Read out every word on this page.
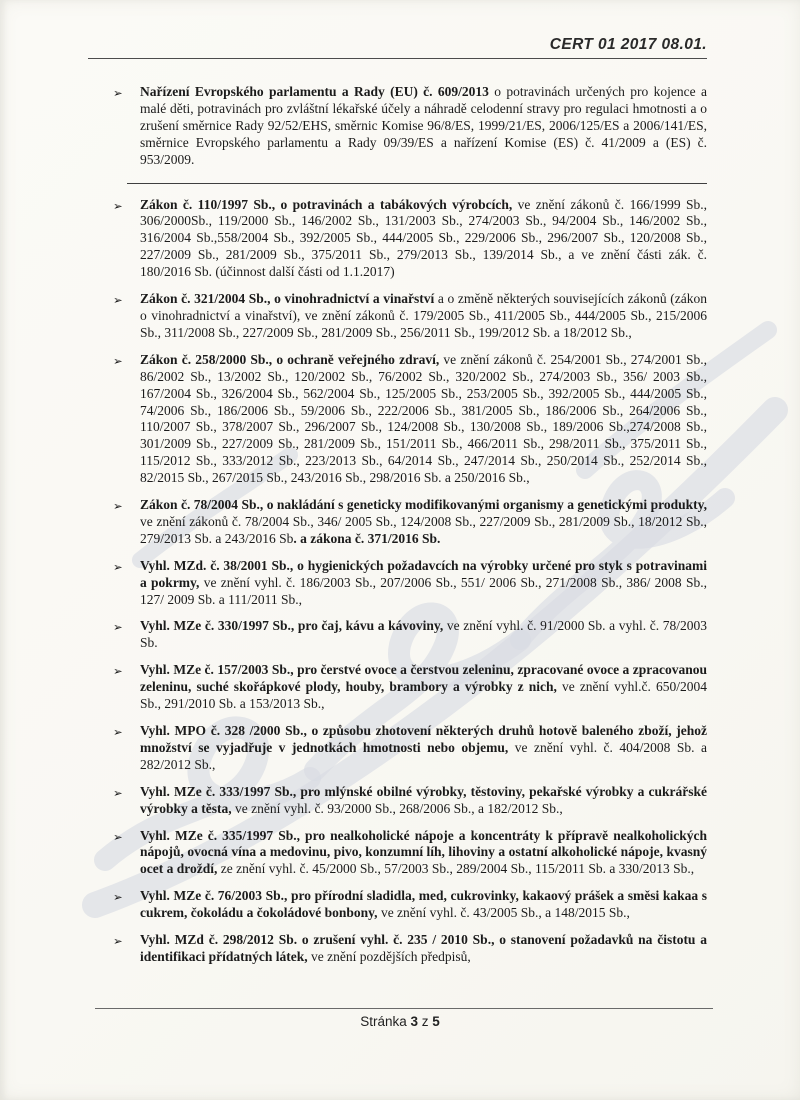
CERT 01 2017 08.01.
➢	Nařízení Evropského parlamentu a Rady (EU) č. 609/2013 o potravinách určených pro kojence a malé děti, potravinách pro zvláštní lékařské účely a náhradě celodenní stravy pro regulaci hmotnosti a o zrušení směrnice Rady 92/52/EHS, směrnic Komise 96/8/ES, 1999/21/ES, 2006/125/ES a 2006/141/ES, směrnice Evropského parlamentu a Rady 09/39/ES a nařízení Komise (ES) č. 41/2009 a (ES) č. 953/2009.
➢	Zákon č. 110/1997 Sb., o potravinách a tabákových výrobcích, ve znění zákonů č. 166/1999 Sb., 306/2000Sb., 119/2000 Sb., 146/2002 Sb., 131/2003 Sb., 274/2003 Sb., 94/2004 Sb., 146/2002 Sb., 316/2004 Sb.,558/2004 Sb., 392/2005 Sb., 444/2005 Sb., 229/2006 Sb., 296/2007 Sb., 120/2008 Sb., 227/2009 Sb., 281/2009 Sb., 375/2011 Sb., 279/2013 Sb., 139/2014 Sb., a ve znění části zák. č. 180/2016 Sb. (účinnost další části od 1.1.2017)
➢	Zákon č. 321/2004 Sb., o vinohradnictví a vinařství a o změně některých souvisejících zákonů (zákon o vinohradnictví a vinařství), ve znění zákonů č. 179/2005 Sb., 411/2005 Sb., 444/2005 Sb., 215/2006 Sb., 311/2008 Sb., 227/2009 Sb., 281/2009 Sb., 256/2011 Sb., 199/2012 Sb. a 18/2012 Sb.,
➢	Zákon č. 258/2000 Sb., o ochraně veřejného zdraví, ve znění zákonů č. 254/2001 Sb., 274/2001 Sb., 86/2002 Sb., 13/2002 Sb., 120/2002 Sb., 76/2002 Sb., 320/2002 Sb., 274/2003 Sb., 356/ 2003 Sb., 167/2004 Sb., 326/2004 Sb., 562/2004 Sb., 125/2005 Sb., 253/2005 Sb., 392/2005 Sb., 444/2005 Sb., 74/2006 Sb., 186/2006 Sb., 59/2006 Sb., 222/2006 Sb., 381/2005 Sb., 186/2006 Sb., 264/2006 Sb., 110/2007 Sb., 378/2007 Sb., 296/2007 Sb., 124/2008 Sb., 130/2008 Sb., 189/2006 Sb.,274/2008 Sb., 301/2009 Sb., 227/2009 Sb., 281/2009 Sb., 151/2011 Sb., 466/2011 Sb., 298/2011 Sb., 375/2011 Sb., 115/2012 Sb., 333/2012 Sb., 223/2013 Sb., 64/2014 Sb., 247/2014 Sb., 250/2014 Sb., 252/2014 Sb., 82/2015 Sb., 267/2015 Sb., 243/2016 Sb., 298/2016 Sb. a 250/2016 Sb.,
➢	Zákon č. 78/2004 Sb., o nakládání s geneticky modifikovanými organismy a genetickými produkty, ve znění zákonů č. 78/2004 Sb., 346/ 2005 Sb., 124/2008 Sb., 227/2009 Sb., 281/2009 Sb., 18/2012 Sb., 279/2013 Sb. a 243/2016 Sb. a zákona č. 371/2016 Sb.
➢	Vyhl. MZd. č. 38/2001 Sb., o hygienických požadavcích na výrobky určené pro styk s potravinami a pokrmy, ve znění vyhl. č. 186/2003 Sb., 207/2006 Sb., 551/ 2006 Sb., 271/2008 Sb., 386/ 2008 Sb., 127/ 2009 Sb. a 111/2011 Sb.,
➢	Vyhl. MZe č. 330/1997 Sb., pro čaj, kávu a kávoviny, ve znění vyhl. č. 91/2000 Sb. a vyhl. č. 78/2003 Sb.
➢	Vyhl. MZe č. 157/2003 Sb., pro čerstvé ovoce a čerstvou zeleninu, zpracované ovoce a zpracovanou zeleninu, suché skořápkové plody, houby, brambory a výrobky z nich, ve znění vyhl.č. 650/2004 Sb., 291/2010 Sb. a 153/2013 Sb.,
➢	Vyhl. MPO č. 328 /2000 Sb., o způsobu zhotovení některých druhů hotově baleného zboží, jehož množství se vyjadřuje v jednotkách hmotnosti nebo objemu, ve znění vyhl. č. 404/2008 Sb. a 282/2012 Sb.,
➢	Vyhl. MZe č. 333/1997 Sb., pro mlýnské obilné výrobky, těstoviny, pekařské výrobky a cukrářské výrobky a těsta, ve znění vyhl. č. 93/2000 Sb., 268/2006 Sb., a 182/2012 Sb.,
➢	Vyhl. MZe č. 335/1997 Sb., pro nealkoholické nápoje a koncentráty k přípravě nealkoholických nápojů, ovocná vína a medovinu, pivo, konzumní líh, lihoviny a ostatní alkoholické nápoje, kvasný ocet a droždí, ze znění vyhl. č. 45/2000 Sb., 57/2003 Sb., 289/2004 Sb., 115/2011 Sb. a 330/2013 Sb.,
➢	Vyhl. MZe č. 76/2003 Sb., pro přírodní sladidla, med, cukrovinky, kakaový prášek a směsi kakaa s cukrem, čokoládu a čokoládové bonbony, ve znění vyhl. č. 43/2005 Sb., a 148/2015 Sb.,
➢	Vyhl. MZd č. 298/2012 Sb. o zrušení vyhl. č. 235 / 2010 Sb., o stanovení požadavků na čistotu a identifikaci přídatných látek, ve znění pozdějších předpisů,
Stránka 3 z 5
